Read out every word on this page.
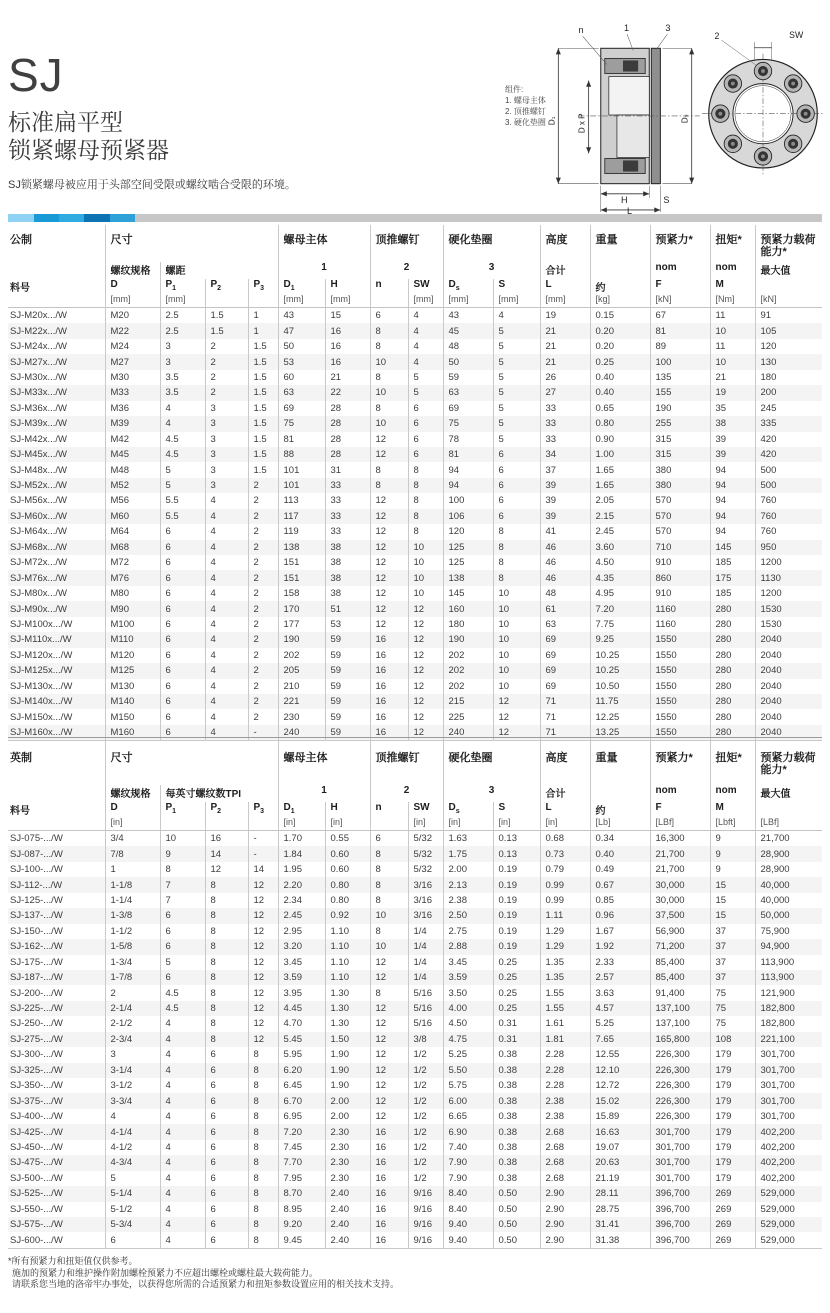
SJ
标准扁平型
锁紧螺母预紧器
SJ锁紧螺母被应用于头部空间受限或螺纹啮合受限的环境。
组件:
1. 螺母主体
2. 顶推螺钉
3. 硬化垫圈
n	1	3
D₁	D x P	Dₛ
H	S
L
2	SW
公制	尺寸				螺母主体		顶推螺钉		硬化垫圈		高度	重量	预紧力*	扭矩*	预紧力载荷能力*
	螺纹规格	螺距			1		2		3		合计		nom	nom	最大值
料号	D	$P_1$	$P_2$	$P_3$	$D_1$	H	n	SW	$D_s$	S	L	约	F	M	
	[mm]	[mm]			[mm]	[mm]		[mm]	[mm]	[mm]	[mm]	[kg]	[kN]	[Nm]	[kN]
SJ-M20x.../W	M20	2.5	1.5	1	43	15	6	4	43	4	19	0.15	67	11	91
SJ-M22x.../W	M22	2.5	1.5	1	47	16	8	4	45	5	21	0.20	81	10	105
SJ-M24x.../W	M24	3	2	1.5	50	16	8	4	48	5	21	0.20	89	11	120
SJ-M27x.../W	M27	3	2	1.5	53	16	10	4	50	5	21	0.25	100	10	130
SJ-M30x.../W	M30	3.5	2	1.5	60	21	8	5	59	5	26	0.40	135	21	180
SJ-M33x.../W	M33	3.5	2	1.5	63	22	10	5	63	5	27	0.40	155	19	200
SJ-M36x.../W	M36	4	3	1.5	69	28	8	6	69	5	33	0.65	190	35	245
SJ-M39x.../W	M39	4	3	1.5	75	28	10	6	75	5	33	0.80	255	38	335
SJ-M42x.../W	M42	4.5	3	1.5	81	28	12	6	78	5	33	0.90	315	39	420
SJ-M45x.../W	M45	4.5	3	1.5	88	28	12	6	81	6	34	1.00	315	39	420
SJ-M48x.../W	M48	5	3	1.5	101	31	8	8	94	6	37	1.65	380	94	500
SJ-M52x.../W	M52	5	3	2	101	33	8	8	94	6	39	1.65	380	94	500
SJ-M56x.../W	M56	5.5	4	2	113	33	12	8	100	6	39	2.05	570	94	760
SJ-M60x.../W	M60	5.5	4	2	117	33	12	8	106	6	39	2.15	570	94	760
SJ-M64x.../W	M64	6	4	2	119	33	12	8	120	8	41	2.45	570	94	760
SJ-M68x.../W	M68	6	4	2	138	38	12	10	125	8	46	3.60	710	145	950
SJ-M72x.../W	M72	6	4	2	151	38	12	10	125	8	46	4.50	910	185	1200
SJ-M76x.../W	M76	6	4	2	151	38	12	10	138	8	46	4.35	860	175	1130
SJ-M80x.../W	M80	6	4	2	158	38	12	10	145	10	48	4.95	910	185	1200
SJ-M90x.../W	M90	6	4	2	170	51	12	12	160	10	61	7.20	1160	280	1530
SJ-M100x.../W	M100	6	4	2	177	53	12	12	180	10	63	7.75	1160	280	1530
SJ-M110x.../W	M110	6	4	2	190	59	16	12	190	10	69	9.25	1550	280	2040
SJ-M120x.../W	M120	6	4	2	202	59	16	12	202	10	69	10.25	1550	280	2040
SJ-M125x.../W	M125	6	4	2	205	59	16	12	202	10	69	10.25	1550	280	2040
SJ-M130x.../W	M130	6	4	2	210	59	16	12	202	10	69	10.50	1550	280	2040
SJ-M140x.../W	M140	6	4	2	221	59	16	12	215	12	71	11.75	1550	280	2040
SJ-M150x.../W	M150	6	4	2	230	59	16	12	225	12	71	12.25	1550	280	2040
SJ-M160x.../W	M160	6	4	-	240	59	16	12	240	12	71	13.25	1550	280	2040
英制	尺寸				螺母主体		顶推螺钉		硬化垫圈		高度	重量	预紧力*	扭矩*	预紧力载荷能力*
	螺纹规格	每英寸螺纹数TPI			1		2		3		合计		nom	nom	最大值
料号	D	$P_1$	$P_2$	$P_3$	$D_1$	H	n	SW	$D_s$	S	L	约	F	M	
	[in]				[in]	[in]		[in]	[in]	[in]	[in]	[Lb]	[LBf]	[Lbft]	[LBf]
SJ-075-.../W	3/4	10	16	-	1.70	0.55	6	5/32	1.63	0.13	0.68	0.34	16,300	9	21,700
SJ-087-.../W	7/8	9	14	-	1.84	0.60	8	5/32	1.75	0.13	0.73	0.40	21,700	9	28,900
SJ-100-.../W	1	8	12	14	1.95	0.60	8	5/32	2.00	0.19	0.79	0.49	21,700	9	28,900
SJ-112-.../W	1-1/8	7	8	12	2.20	0.80	8	3/16	2.13	0.19	0.99	0.67	30,000	15	40,000
SJ-125-.../W	1-1/4	7	8	12	2.34	0.80	8	3/16	2.38	0.19	0.99	0.85	30,000	15	40,000
SJ-137-.../W	1-3/8	6	8	12	2.45	0.92	10	3/16	2.50	0.19	1.11	0.96	37,500	15	50,000
SJ-150-.../W	1-1/2	6	8	12	2.95	1.10	8	1/4	2.75	0.19	1.29	1.67	56,900	37	75,900
SJ-162-.../W	1-5/8	6	8	12	3.20	1.10	10	1/4	2.88	0.19	1.29	1.92	71,200	37	94,900
SJ-175-.../W	1-3/4	5	8	12	3.45	1.10	12	1/4	3.45	0.25	1.35	2.33	85,400	37	113,900
SJ-187-.../W	1-7/8	6	8	12	3.59	1.10	12	1/4	3.59	0.25	1.35	2.57	85,400	37	113,900
SJ-200-.../W	2	4.5	8	12	3.95	1.30	8	5/16	3.50	0.25	1.55	3.63	91,400	75	121,900
SJ-225-.../W	2-1/4	4.5	8	12	4.45	1.30	12	5/16	4.00	0.25	1.55	4.57	137,100	75	182,800
SJ-250-.../W	2-1/2	4	8	12	4.70	1.30	12	5/16	4.50	0.31	1.61	5.25	137,100	75	182,800
SJ-275-.../W	2-3/4	4	8	12	5.45	1.50	12	3/8	4.75	0.31	1.81	7.65	165,800	108	221,100
SJ-300-.../W	3	4	6	8	5.95	1.90	12	1/2	5.25	0.38	2.28	12.55	226,300	179	301,700
SJ-325-.../W	3-1/4	4	6	8	6.20	1.90	12	1/2	5.50	0.38	2.28	12.10	226,300	179	301,700
SJ-350-.../W	3-1/2	4	6	8	6.45	1.90	12	1/2	5.75	0.38	2.28	12.72	226,300	179	301,700
SJ-375-.../W	3-3/4	4	6	8	6.70	2.00	12	1/2	6.00	0.38	2.38	15.02	226,300	179	301,700
SJ-400-.../W	4	4	6	8	6.95	2.00	12	1/2	6.65	0.38	2.38	15.89	226,300	179	301,700
SJ-425-.../W	4-1/4	4	6	8	7.20	2.30	16	1/2	6.90	0.38	2.68	16.63	301,700	179	402,200
SJ-450-.../W	4-1/2	4	6	8	7.45	2.30	16	1/2	7.40	0.38	2.68	19.07	301,700	179	402,200
SJ-475-.../W	4-3/4	4	6	8	7.70	2.30	16	1/2	7.90	0.38	2.68	20.63	301,700	179	402,200
SJ-500-.../W	5	4	6	8	7.95	2.30	16	1/2	7.90	0.38	2.68	21.19	301,700	179	402,200
SJ-525-.../W	5-1/4	4	6	8	8.70	2.40	16	9/16	8.40	0.50	2.90	28.11	396,700	269	529,000
SJ-550-.../W	5-1/2	4	6	8	8.95	2.40	16	9/16	8.40	0.50	2.90	28.75	396,700	269	529,000
SJ-575-.../W	5-3/4	4	6	8	9.20	2.40	16	9/16	9.40	0.50	2.90	31.41	396,700	269	529,000
SJ-600-.../W	6	4	6	8	9.45	2.40	16	9/16	9.40	0.50	2.90	31.38	396,700	269	529,000
*所有预紧力和扭矩值仅供参考。
施加的预紧力和维护操作附加螺栓预紧力不应超出螺栓或螺柱最大载荷能力。
请联系您当地的洛帝牢办事处，以获得您所需的合适预紧力和扭矩参数设置应用的相关技术支持。
